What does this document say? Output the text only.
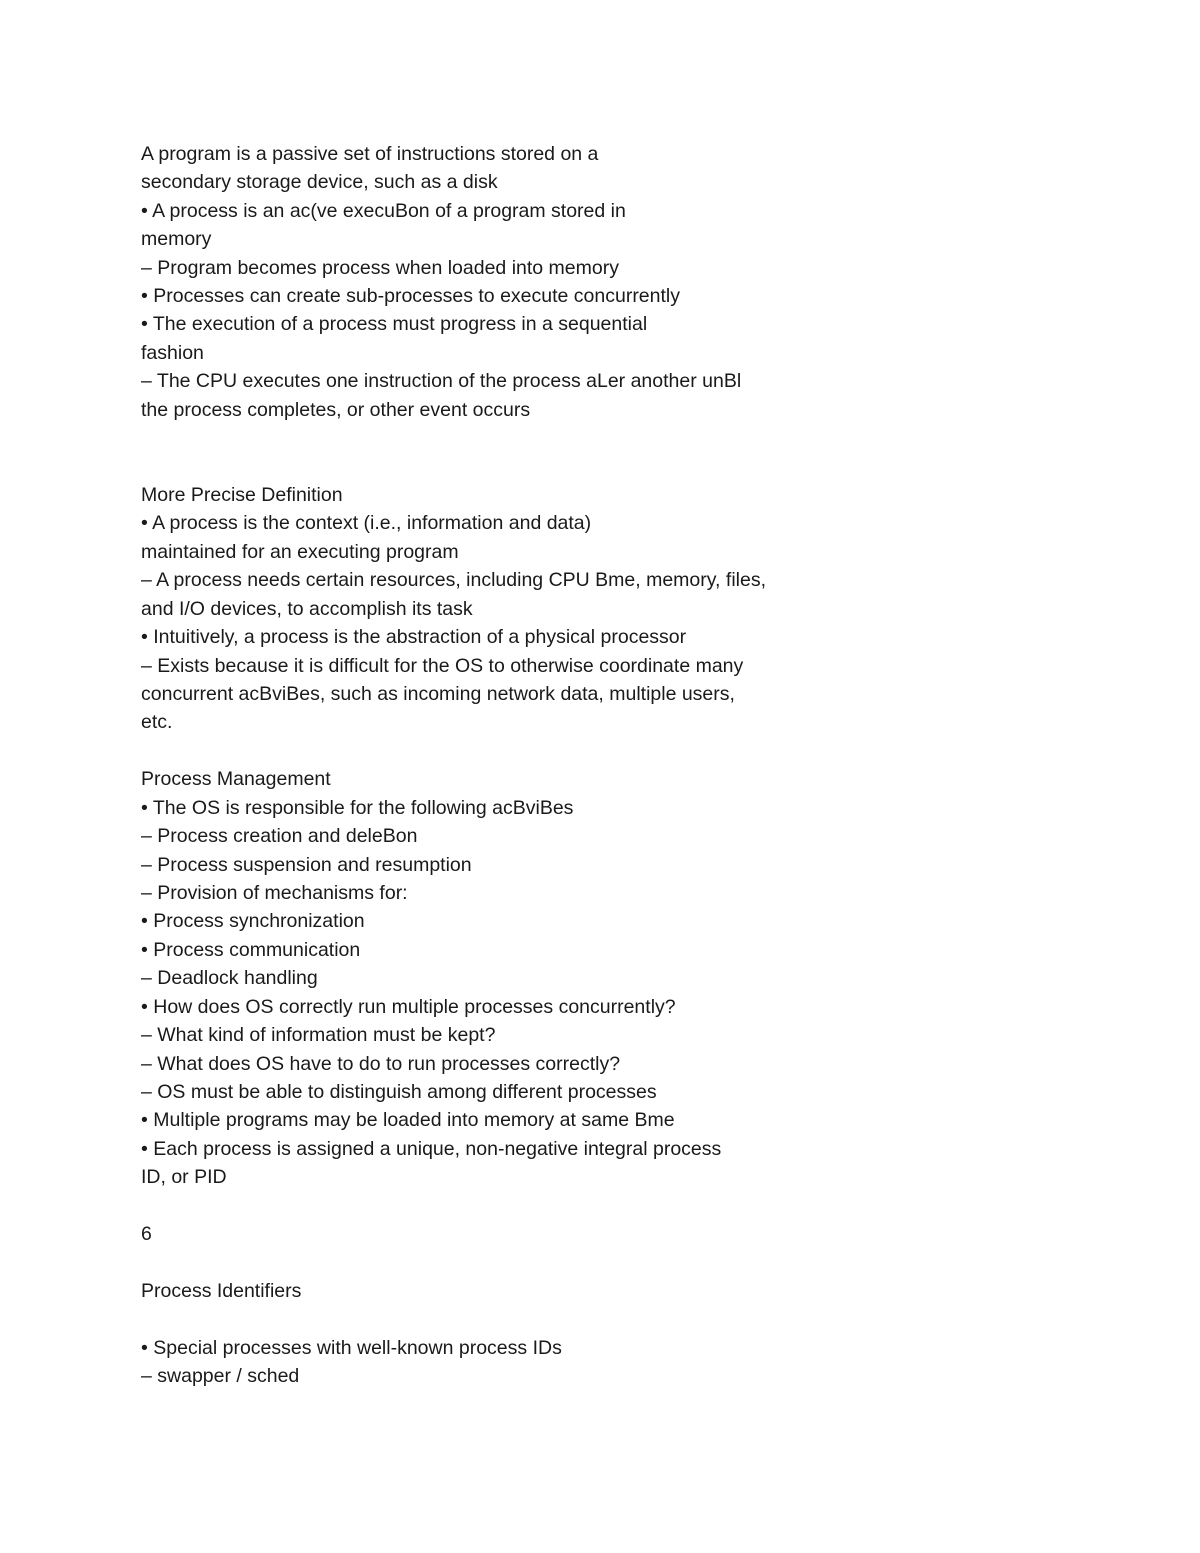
A program is a passive set of instructions stored on a
secondary storage device, such as a disk
• A process is an ac(ve execuBon of a program stored in
memory
– Program becomes process when loaded into memory
• Processes can create sub-processes to execute concurrently
• The execution of a process must progress in a sequential
fashion
– The CPU executes one instruction of the process aLer another unBl
the process completes, or other event occurs
More Precise Definition
• A process is the context (i.e., information and data)
maintained for an executing program
– A process needs certain resources, including CPU Bme, memory, files,
and I/O devices, to accomplish its task
• Intuitively, a process is the abstraction of a physical processor
– Exists because it is difficult for the OS to otherwise coordinate many
concurrent acBviBes, such as incoming network data, multiple users,
etc.
Process Management
• The OS is responsible for the following acBviBes
– Process creation and deleBon
– Process suspension and resumption
– Provision of mechanisms for:
• Process synchronization
• Process communication
– Deadlock handling
• How does OS correctly run multiple processes concurrently?
– What kind of information must be kept?
– What does OS have to do to run processes correctly?
– OS must be able to distinguish among different processes
• Multiple programs may be loaded into memory at same Bme
• Each process is assigned a unique, non-negative integral process
ID, or PID
6
Process Identifiers
• Special processes with well-known process IDs
– swapper / sched
